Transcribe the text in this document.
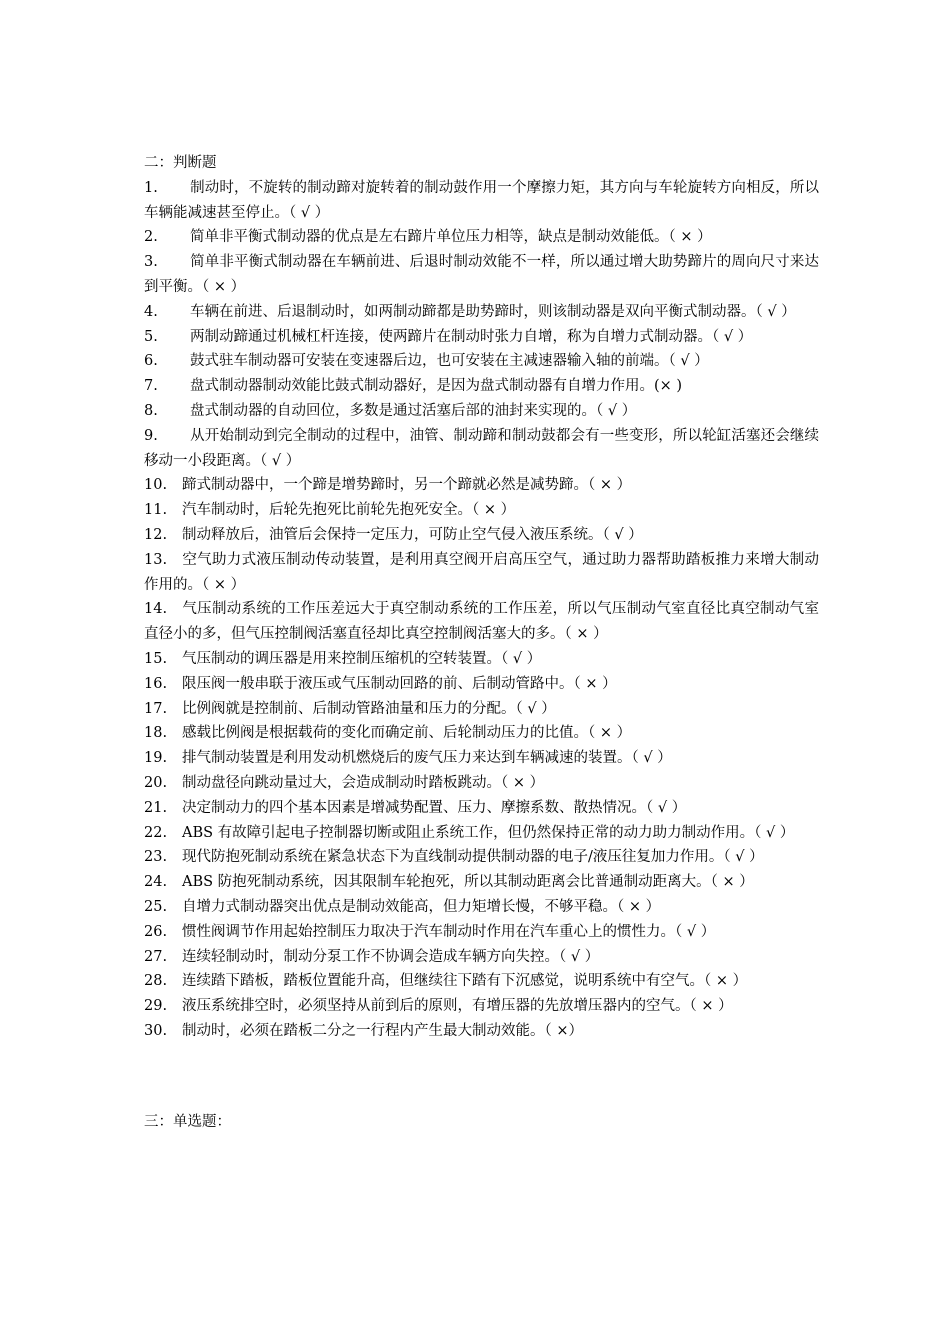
二：判断题
1. 制动时，不旋转的制动蹄对旋转着的制动鼓作用一个摩擦力矩，其方向与车轮旋转方向相反，所以车辆能减速甚至停止。（ √ ）
2. 简单非平衡式制动器的优点是左右蹄片单位压力相等，缺点是制动效能低。（ × ）
3. 简单非平衡式制动器在车辆前进、后退时制动效能不一样，所以通过增大助势蹄片的周向尺寸来达到平衡。（ × ）
4. 车辆在前进、后退制动时，如两制动蹄都是助势蹄时，则该制动器是双向平衡式制动器。（ √ ）
5. 两制动蹄通过机械杠杆连接，使两蹄片在制动时张力自增，称为自增力式制动器。（ √ ）
6. 鼓式驻车制动器可安装在变速器后边，也可安装在主减速器输入轴的前端。（ √ ）
7. 盘式制动器制动效能比鼓式制动器好，是因为盘式制动器有自增力作用。(× )
8. 盘式制动器的自动回位，多数是通过活塞后部的油封来实现的。（ √ ）
9. 从开始制动到完全制动的过程中，油管、制动蹄和制动鼓都会有一些变形，所以轮缸活塞还会继续移动一小段距离。（ √ ）
10. 蹄式制动器中，一个蹄是增势蹄时，另一个蹄就必然是减势蹄。（ × ）
11. 汽车制动时，后轮先抱死比前轮先抱死安全。（ × ）
12. 制动释放后，油管后会保持一定压力，可防止空气侵入液压系统。（ √ ）
13. 空气助力式液压制动传动装置，是利用真空阀开启高压空气，通过助力器帮助踏板推力来增大制动作用的。（ × ）
14. 气压制动系统的工作压差远大于真空制动系统的工作压差，所以气压制动气室直径比真空制动气室直径小的多，但气压控制阀活塞直径却比真空控制阀活塞大的多。（ × ）
15. 气压制动的调压器是用来控制压缩机的空转装置。（ √ ）
16. 限压阀一般串联于液压或气压制动回路的前、后制动管路中。（ × ）
17. 比例阀就是控制前、后制动管路油量和压力的分配。（ √ ）
18. 感载比例阀是根据载荷的变化而确定前、后轮制动压力的比值。（ × ）
19. 排气制动装置是利用发动机燃烧后的废气压力来达到车辆减速的装置。（ √ ）
20. 制动盘径向跳动量过大，会造成制动时踏板跳动。（ × ）
21. 决定制动力的四个基本因素是增减势配置、压力、摩擦系数、散热情况。（ √ ）
22. ABS 有故障引起电子控制器切断或阻止系统工作，但仍然保持正常的动力助力制动作用。（ √ ）
23. 现代防抱死制动系统在紧急状态下为直线制动提供制动器的电子/液压往复加力作用。（ √ ）
24. ABS 防抱死制动系统，因其限制车轮抱死，所以其制动距离会比普通制动距离大。（ × ）
25. 自增力式制动器突出优点是制动效能高，但力矩增长慢，不够平稳。（ × ）
26. 惯性阀调节作用起始控制压力取决于汽车制动时作用在汽车重心上的惯性力。（ √ ）
27. 连续轻制动时，制动分泵工作不协调会造成车辆方向失控。（ √ ）
28. 连续踏下踏板，踏板位置能升高，但继续往下踏有下沉感觉，说明系统中有空气。（ × ）
29. 液压系统排空时，必须坚持从前到后的原则，有增压器的先放增压器内的空气。（ × ）
30. 制动时，必须在踏板二分之一行程内产生最大制动效能。（ ×）
三：单选题：
